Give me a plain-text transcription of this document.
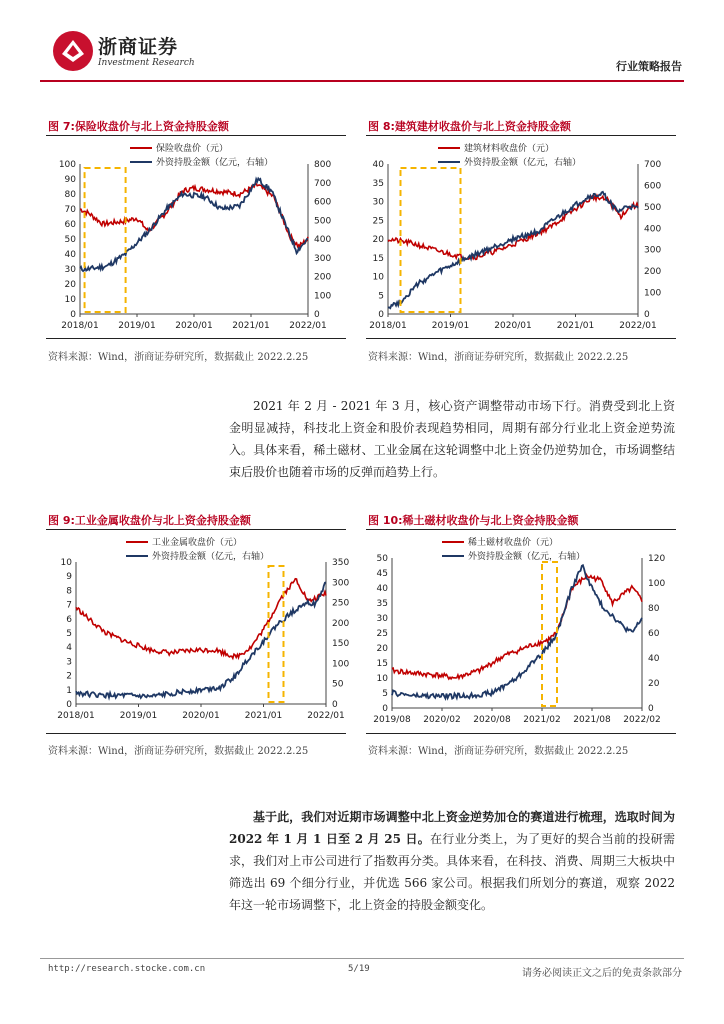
浙商证券
Investment Research	行业策略报告
图 7:保险收盘价与北上资金持股金额
100
90
80
70
60
50
40
30
20
10
0
800
700
600
500
400
300
200
100
0
2018/01 2019/01 2020/01 2021/01 2022/01
保险收盘价（元）
外资持股金额（亿元，右轴）
资料来源：Wind，浙商证券研究所，数据截止 2022.2.25
图 8:建筑建材收盘价与北上资金持股金额
40
35
30
25
20
15
10
5
0
700
600
500
400
300
200
100
0
2018/01	2019/01	2020/01	2021/01	2022/01
建筑材料收盘价（元）
外资持股金额（亿元，右轴）
资料来源：Wind，浙商证券研究所，数据截止 2022.2.25

2021 年 2 月 - 2021 年 3 月，核心资产调整带动市场下行。消费受到北上资金明显减持，科技北上资金和股价表现趋势相同，周期有部分行业北上资金逆势流入。具体来看，稀土磁材、工业金属在这轮调整中北上资金仍逆势加仓，市场调整结束后股价也随着市场的反弹而趋势上行。

图 9:工业金属收盘价与北上资金持股金额
10
9
8
7
6
5
4
3
2
1
0
350
300
250
200
150
100
50
0
2018/01	2019/01	2020/01	2021/01	2022/01
工业金属收盘价（元）
外资持股金额（亿元，右轴）
资料来源：Wind，浙商证券研究所，数据截止 2022.2.25
图 10:稀土磁材收盘价与北上资金持股金额
50
45
40
35
30
25
20
15
10
5
0
120
100
80
60
40
20
0
2019/08 2020/02 2020/08 2021/02 2021/08 2022/02
稀土磁材收盘价（元）
外资持股金额（亿元，右轴）
资料来源：Wind，浙商证券研究所，数据截止 2022.2.25

基于此，我们对近期市场调整中北上资金逆势加仓的赛道进行梳理，选取时间为 2022 年 1 月 1 日至 2 月 25 日。在行业分类上，为了更好的契合当前的投研需求，我们对上市公司进行了指数再分类。具体来看，在科技、消费、周期三大板块中筛选出 69 个细分行业，并优选 566 家公司。根据我们所划分的赛道，观察 2022 年这一轮市场调整下，北上资金的持股金额变化。

http://research.stocke.com.cn	5/19	请务必阅读正文之后的免责条款部分
